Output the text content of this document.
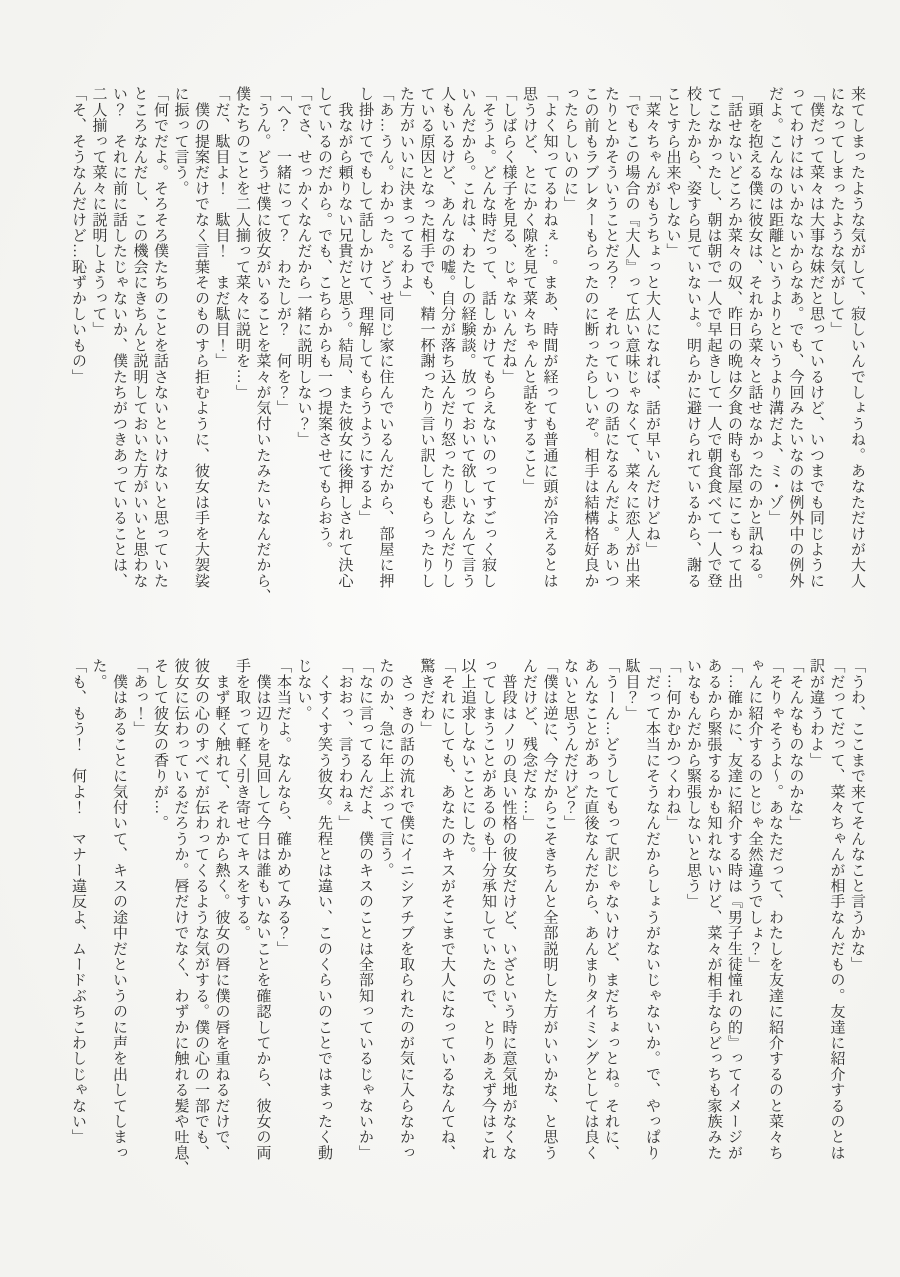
来てしまったような気がして、寂しいんでしょうね。あなただけが大人
になってしまったような気がして」
「僕だって菜々は大事な妹だと思っているけど、いつまでも同じように
ってわけにはいかないからなあ。でも、今回みたいなのは例外中の例外
だよ。こんなのは距離というよりというより溝だよ、ミ・ゾ」
　頭を抱える僕に彼女は、それから菜々と話せなかったのかと訊ねる。
「話せないどころか菜々の奴、昨日の晩は夕食の時も部屋にこもって出
てこなかったし、朝は朝で一人で早起きして一人で朝食食べて一人で登
校したから、姿すら見ていないよ。明らかに避けられているから、謝る
ことすら出来やしない」
「菜々ちゃんがもうちょっと大人になれば、話が早いんだけどね」
「でもこの場合の『大人』って広い意味じゃなくて、菜々に恋人が出来
たりとかそういうことだろ？　それっていつの話になるんだよ。あいつ
この前もラブレターもらったのに断ったらしいぞ。相手は結構格好良か
ったらしいのに」
「よく知ってるわねぇ…。まあ、時間が経っても普通に頭が冷えるとは
思うけど、とにかく隙を見て菜々ちゃんと話をすること」
「しばらく様子を見る、じゃないんだね」
「そうよ。どんな時だって、話しかけてもらえないのってすごっく寂し
いんだから。これは、わたしの経験談。放っておいて欲しいなんて言う
人もいるけど、あんなの嘘。自分が落ち込んだり怒ったり悲しんだりし
ている原因となった相手でも、精一杯謝ったり言い訳してもらったりし
た方がいいに決まってるわよ」
「あ…うん。わかった。どうせ同じ家に住んでいるんだから、部屋に押
し掛けてでもして話しかけて、理解してもらうようにするよ」
　我ながら頼りない兄貴だと思う。結局、また彼女に後押しされて決心
しているのだから。でも、こちらからも一つ提案させてもらおう。
「でさ、せっかくなんだから一緒に説明しない？」
「へ？　一緒にって？　わたしが？　何を？」
「うん。どうせ僕に彼女がいることを菜々が気付いたみたいなんだから、
僕たちのことを二人揃って菜々に説明を…」
「だ、駄目よ！　駄目！　まだ駄目！」
　僕の提案だけでなく言葉そのものすら拒むように、彼女は手を大袈裟
に振って言う。
「何でだよ。そろそろ僕たちのことを話さないといけないと思っていた
ところなんだし、この機会にきちんと説明しておいた方がいいと思わな
い？　それに前に話したじゃないか、僕たちがつきあっていることは、
二人揃って菜々に説明しようって」
「そ、そうなんだけど…恥ずかしいもの」
「うわ、ここまで来てそんなこと言うかな」
「だってだって、菜々ちゃんが相手なんだもの。友達に紹介するのとは
訳が違うわよ」
「そんなものなのかな」
「そりゃそうよ〜。あなただって、わたしを友達に紹介するのと菜々ち
ゃんに紹介するのとじゃ全然違うでしょ？」
「…確かに、友達に紹介する時は『男子生徒憧れの的』ってイメージが
あるから緊張するかも知れないけど、菜々が相手ならどっちも家族みた
いなもんだから緊張しないと思う」
「…何かむかつくわね」
「だって本当にそうなんだからしょうがないじゃないか。で、やっぱり
駄目？」
「うーん…どうしてもって訳じゃないけど、まだちょっとね。それに、
あんなことがあった直後なんだから、あんまりタイミングとしては良く
ないと思うんだけど？」
「僕は逆に、今だからこそきちんと全部説明した方がいいかな、と思う
んだけど、残念だな…」
　普段はノリの良い性格の彼女だけど、いざという時に意気地がなくな
ってしまうことがあるのも十分承知していたので、とりあえず今はこれ
以上追求しないことにした。
「それにしても、あなたのキスがそこまで大人になっているなんてね、
驚きだわ」
　さっきの話の流れで僕にイニシアチブを取られたのが気に入らなかっ
たのか、急に年上ぶって言う。
「なに言ってるんだよ、僕のキスのことは全部知っているじゃないか」
「おおっ、言うわねぇ」
　くすくす笑う彼女。先程とは違い、このくらいのことではまったく動
じない。
「本当だよ。なんなら、確かめてみる？」
　僕は辺りを見回して今日は誰もいないことを確認してから、彼女の両
手を取って軽く引き寄せてキスをする。
　まず軽く触れて、それから熱く。彼女の唇に僕の唇を重ねるだけで、
彼女の心のすべてが伝わってくるような気がする。僕の心の一部でも、
彼女に伝わっているだろうか。唇だけでなく、わずかに触れる髪や吐息、
そして彼女の香りが…。
「あっ！」
　僕はあることに気付いて、キスの途中だというのに声を出してしまっ
た。
「も、もう！　何よ！　マナー違反よ、ムードぶちこわしじゃない」
